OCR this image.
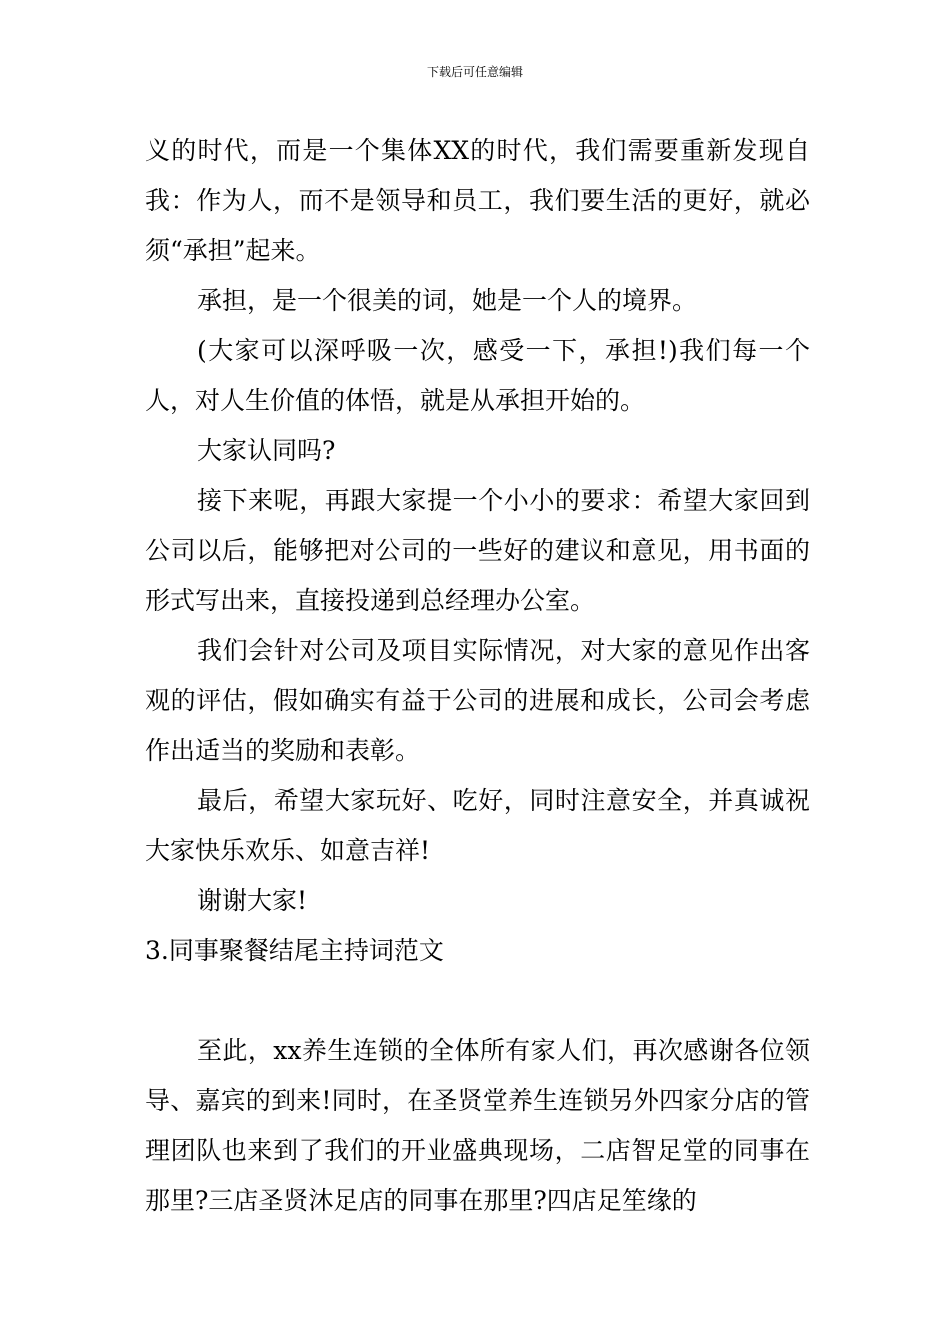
下载后可任意编辑

义的时代，而是一个集体XX的时代，我们需要重新发现自我：作为人，而不是领导和员工，我们要生活的更好，就必须“承担”起来。

承担，是一个很美的词，她是一个人的境界。

(大家可以深呼吸一次，感受一下，承担!)我们每一个人，对人生价值的体悟，就是从承担开始的。

大家认同吗?

接下来呢，再跟大家提一个小小的要求：希望大家回到公司以后，能够把对公司的一些好的建议和意见，用书面的形式写出来，直接投递到总经理办公室。

我们会针对公司及项目实际情况，对大家的意见作出客观的评估，假如确实有益于公司的进展和成长，公司会考虑作出适当的奖励和表彰。

最后，希望大家玩好、吃好，同时注意安全，并真诚祝大家快乐欢乐、如意吉祥!

谢谢大家!

3.同事聚餐结尾主持词范文

至此，xx养生连锁的全体所有家人们，再次感谢各位领导、嘉宾的到来!同时，在圣贤堂养生连锁另外四家分店的管理团队也来到了我们的开业盛典现场，二店智足堂的同事在那里?三店圣贤沐足店的同事在那里?四店足笙缘的
